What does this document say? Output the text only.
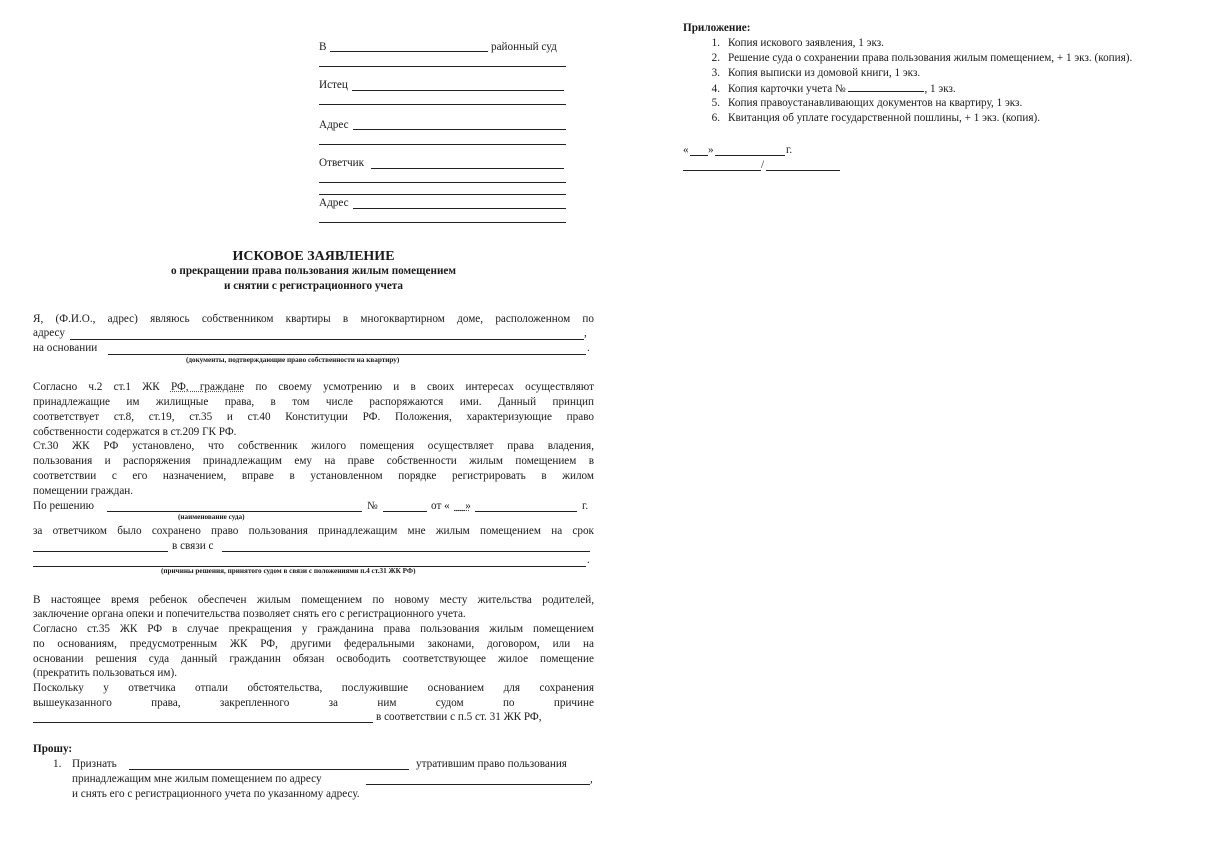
В	районный суд
Истец
Адрес
Ответчик
Адрес
ИСКОВОЕ ЗАЯВЛЕНИЕ
о прекращении права пользования жилым помещением
и снятии с регистрационного учета
Я, (Ф.И.О., адрес) являюсь собственником квартиры в многоквартирном доме, расположенном по
адресу	,
на основании	.
(документы, подтверждающие право собственности на квартиру)
Согласно ч.2 ст.1 ЖК РФ, граждане по своему усмотрению и в своих интересах осуществляют
принадлежащие им жилищные права, в том числе распоряжаются ими. Данный принцип
соответствует ст.8, ст.19, ст.35 и ст.40 Конституции РФ. Положения, характеризующие право
собственности содержатся в ст.209 ГК РФ.
Ст.30 ЖК РФ установлено, что собственник жилого помещения осуществляет права владения,
пользования и распоряжения принадлежащим ему на праве собственности жилым помещением в
соответствии с его назначением, вправе в установленном порядке регистрировать в жилом
помещении граждан.
По решению	№	от « __»	г.
(наименование суда)
за ответчиком было сохранено право пользования принадлежащим мне жилым помещением на срок
в связи с
.
(причины решения, принятого судом в связи с положениями п.4 ст.31 ЖК РФ)
В настоящее время ребенок обеспечен жилым помещением по новому месту жительства родителей,
заключение органа опеки и попечительства позволяет снять его с регистрационного учета.
Согласно ст.35 ЖК РФ в случае прекращения у гражданина права пользования жилым помещением
по основаниям, предусмотренным ЖК РФ, другими федеральными законами, договором, или на
основании решения суда данный гражданин обязан освободить соответствующее жилое помещение
(прекратить пользоваться им).
Поскольку у ответчика отпали обстоятельства, послужившие основанием для сохранения
вышеуказанного права, закрепленного за ним судом по причине
в соответствии с п.5 ст. 31 ЖК РФ,
Прошу:
1. Признать	утратившим право пользования
принадлежащим мне жилым помещением по адресу	,
и снять его с регистрационного учета по указанному адресу.
Приложение:
1. Копия искового заявления, 1 экз.
2. Решение суда о сохранении права пользования жилым помещением, + 1 экз. (копия).
3. Копия выписки из домовой книги, 1 экз.
4. Копия карточки учета №	, 1 экз.
5. Копия правоустанавливающих документов на квартиру, 1 экз.
6. Квитанция об уплате государственной пошлины, + 1 экз. (копия).
« »	г.
/
